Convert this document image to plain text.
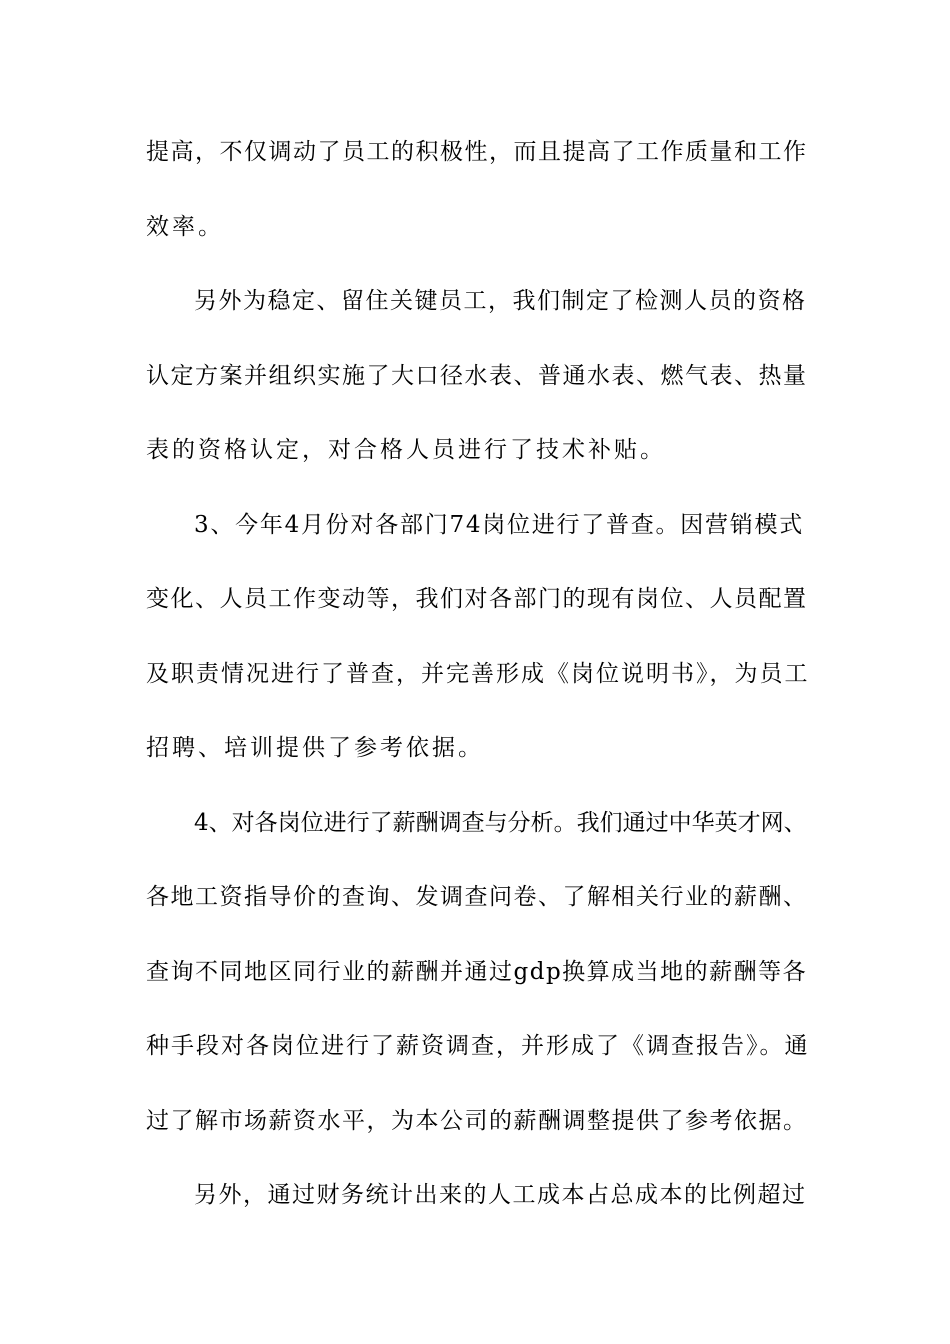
提高，不仅调动了员工的积极性，而且提高了工作质量和工作
效率。
另外为稳定、留住关键员工，我们制定了检测人员的资格
认定方案并组织实施了大口径水表、普通水表、燃气表、热量
表的资格认定，对合格人员进行了技术补贴。
3、今年4月份对各部门74岗位进行了普查。因营销模式
变化、人员工作变动等，我们对各部门的现有岗位、人员配置
及职责情况进行了普查，并完善形成《岗位说明书》，为员工
招聘、培训提供了参考依据。
4、对各岗位进行了薪酬调查与分析。我们通过中华英才网、
各地工资指导价的查询、发调查问卷、了解相关行业的薪酬、
查询不同地区同行业的薪酬并通过gdp换算成当地的薪酬等各
种手段对各岗位进行了薪资调查，并形成了《调查报告》。通
过了解市场薪资水平，为本公司的薪酬调整提供了参考依据。
另外，通过财务统计出来的人工成本占总成本的比例超过
